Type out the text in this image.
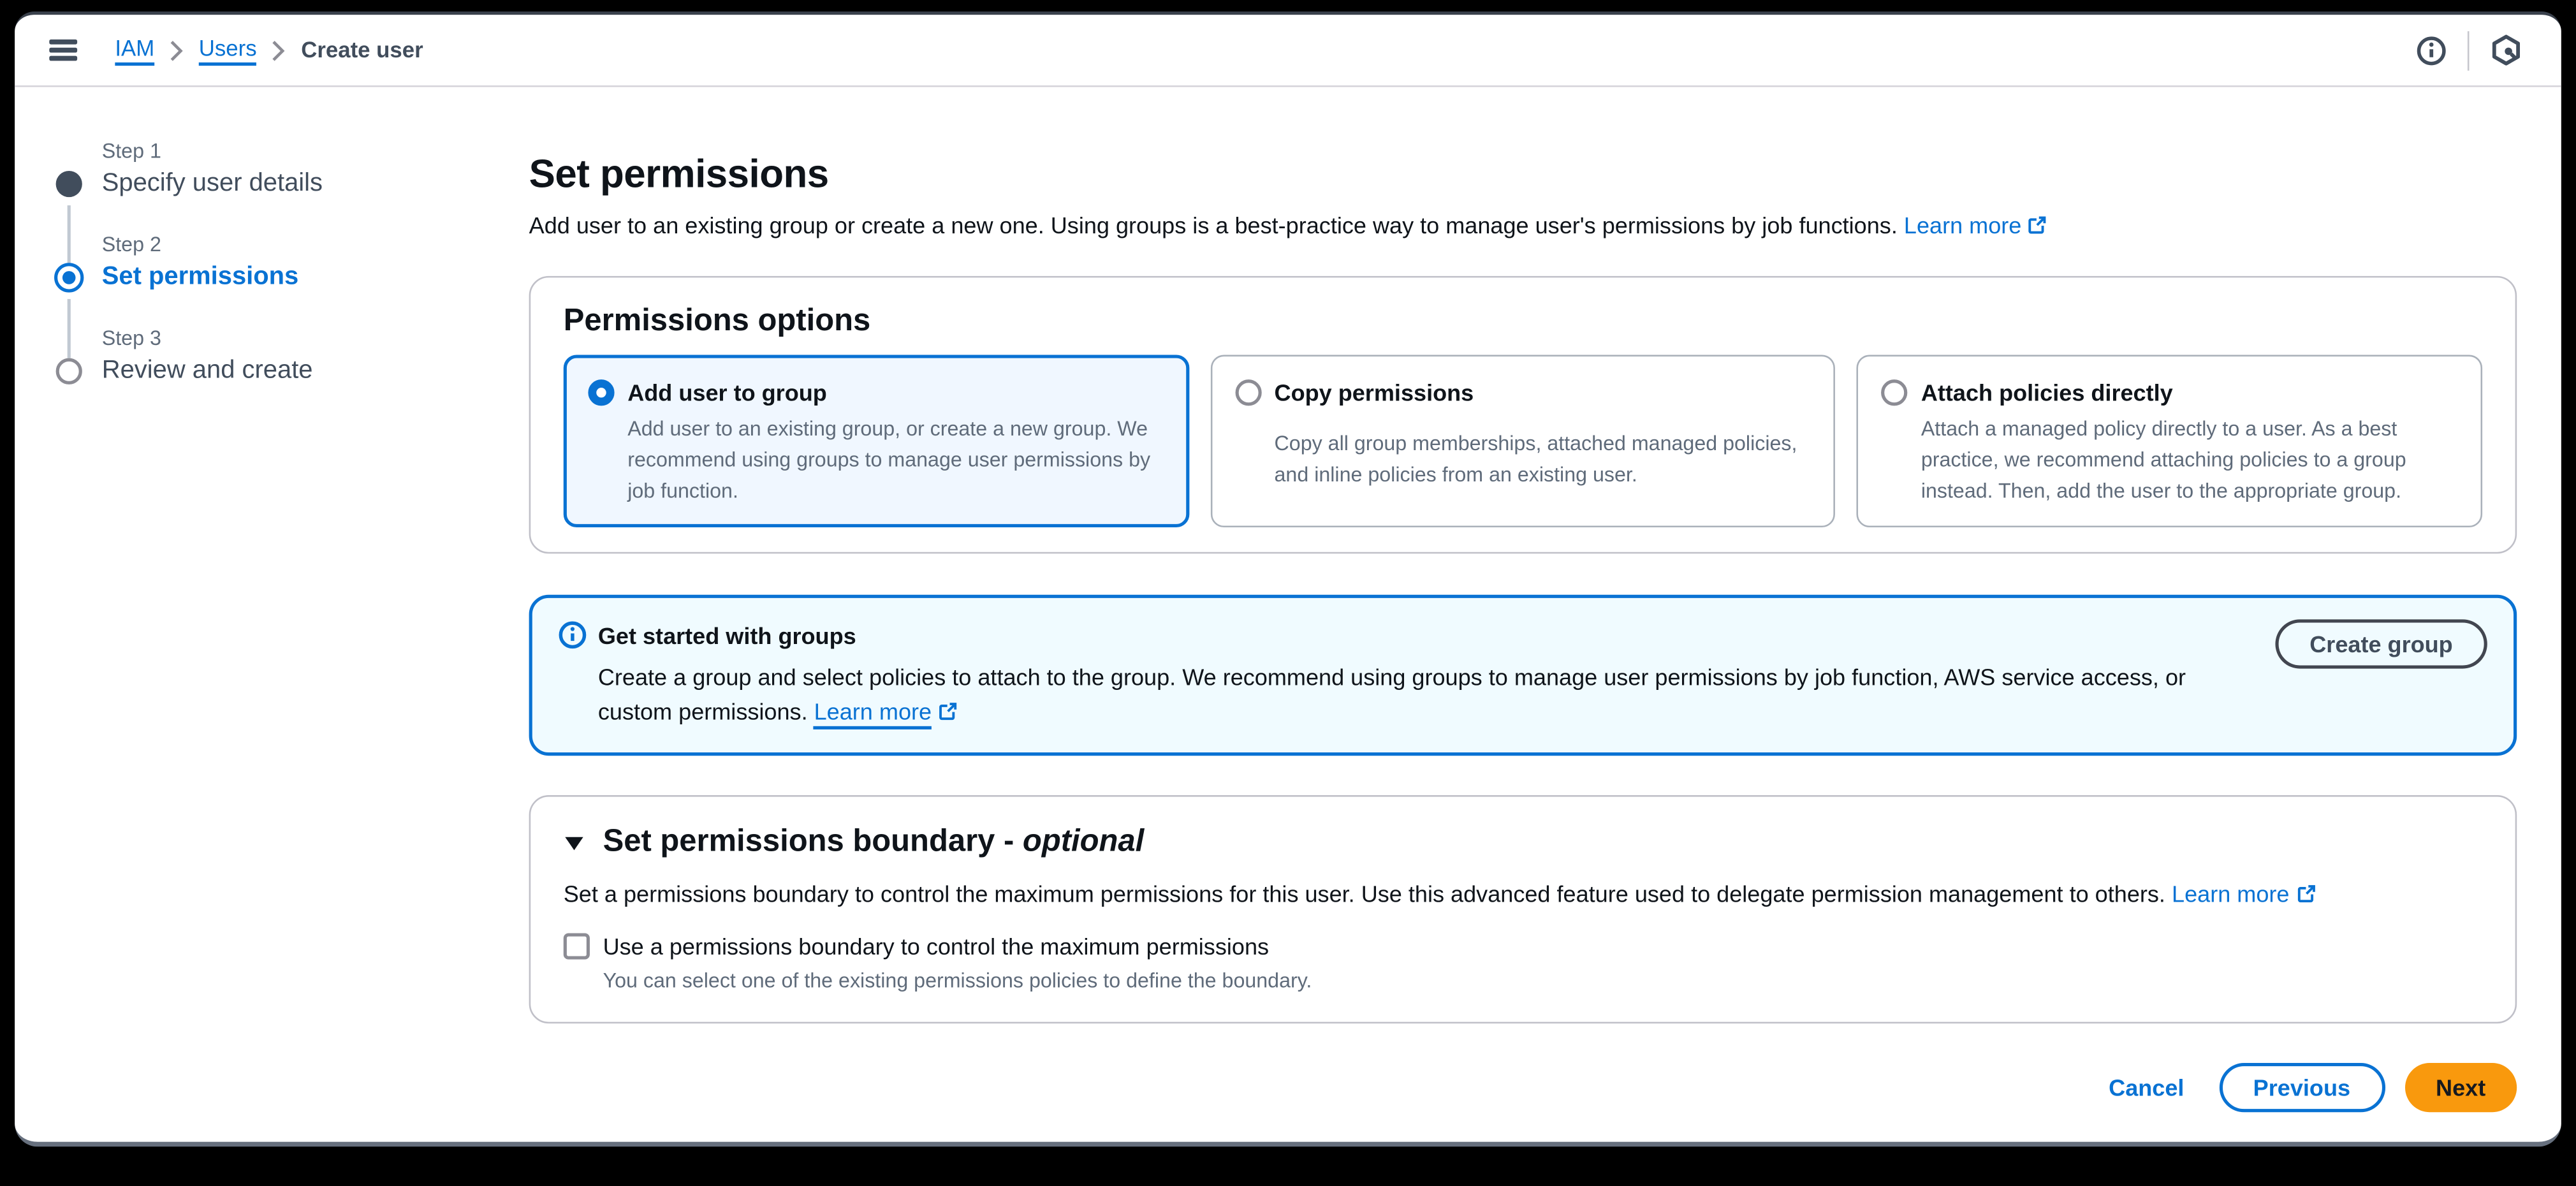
IAM	Users	Create user
Step 1
Specify user details
Step 2
Set permissions
Step 3
Review and create
Set permissions

Add user to an existing group or create a new one. Using groups is a best-practice way to manage user's permissions by job functions. Learn more

Permissions options
Add user to group
Add user to an existing group, or create a new group. We recommend using groups to manage user permissions by job function.
Copy permissions
Copy all group memberships, attached managed policies, and inline policies from an existing user.
Attach policies directly
Attach a managed policy directly to a user. As a best practice, we recommend attaching policies to a group instead. Then, add the user to the appropriate group.
Get started with groups
Create a group and select policies to attach to the group. We recommend using groups to manage user permissions by job function, AWS service access, or custom permissions. Learn more
Create group
Set permissions boundary - optional

Set a permissions boundary to control the maximum permissions for this user. Use this advanced feature used to delegate permission management to others. Learn more

Use a permissions boundary to control the maximum permissions
You can select one of the existing permissions policies to define the boundary.
Cancel	Previous	Next
